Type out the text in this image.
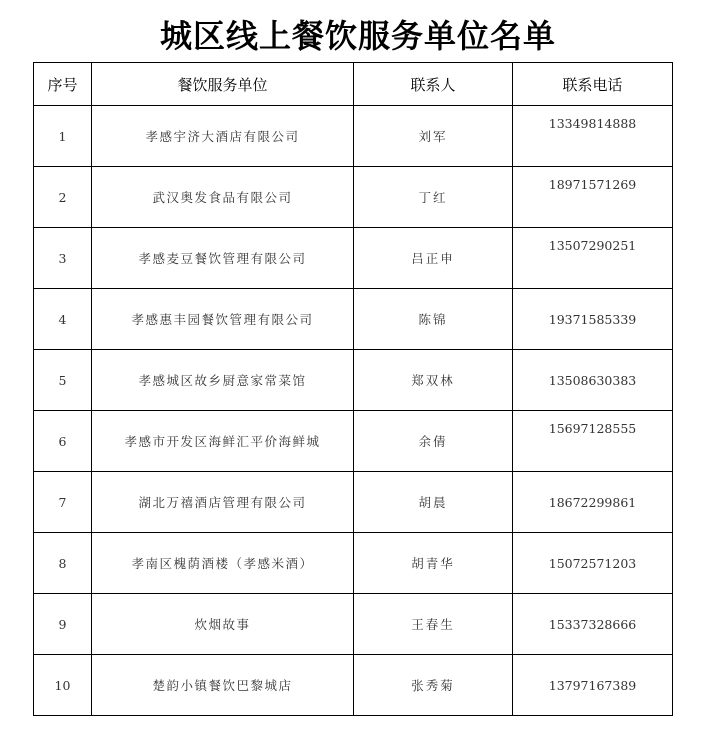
城区线上餐饮服务单位名单
序号	餐饮服务单位	联系人	联系电话
1	孝感宇济大酒店有限公司	刘军	13349814888
2	武汉奥发食品有限公司	丁红	18971571269
3	孝感麦豆餐饮管理有限公司	吕正申	13507290251
4	孝感惠丰园餐饮管理有限公司	陈锦	19371585339
5	孝感城区故乡厨意家常菜馆	郑双林	13508630383
6	孝感市开发区海鲜汇平价海鲜城	余倩	15697128555
7	湖北万禧酒店管理有限公司	胡晨	18672299861
8	孝南区槐荫酒楼（孝感米酒）	胡青华	15072571203
9	炊烟故事	王春生	15337328666
10	楚韵小镇餐饮巴黎城店	张秀菊	13797167389
